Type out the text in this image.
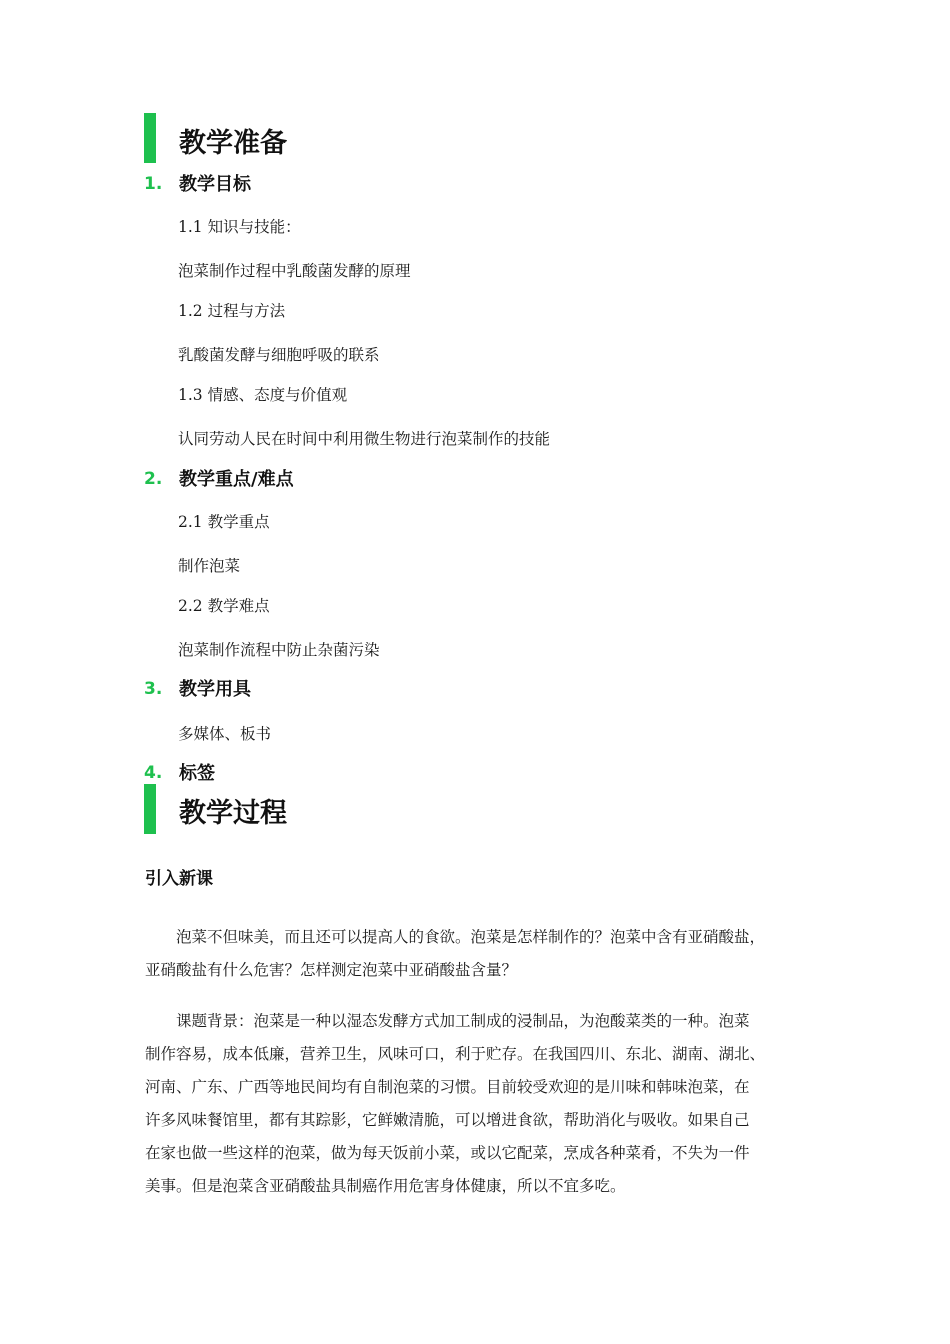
教学准备
1. 教学目标
1.1 知识与技能：
泡菜制作过程中乳酸菌发酵的原理
1.2 过程与方法
乳酸菌发酵与细胞呼吸的联系
1.3 情感、态度与价值观
认同劳动人民在时间中利用微生物进行泡菜制作的技能
2. 教学重点/难点
2.1 教学重点
制作泡菜
2.2 教学难点
泡菜制作流程中防止杂菌污染
3. 教学用具
多媒体、板书
4. 标签
教学过程
引入新课
　　泡菜不但味美，而且还可以提高人的食欲。泡菜是怎样制作的？泡菜中含有亚硝酸盐，
亚硝酸盐有什么危害？怎样测定泡菜中亚硝酸盐含量？
　　课题背景：泡菜是一种以湿态发酵方式加工制成的浸制品，为泡酸菜类的一种。泡菜
制作容易，成本低廉，营养卫生，风味可口，利于贮存。在我国四川、东北、湖南、湖北、
河南、广东、广西等地民间均有自制泡菜的习惯。目前较受欢迎的是川味和韩味泡菜，在
许多风味餐馆里，都有其踪影，它鲜嫩清脆，可以增进食欲，帮助消化与吸收。如果自己
在家也做一些这样的泡菜，做为每天饭前小菜，或以它配菜，烹成各种菜肴，不失为一件
美事。但是泡菜含亚硝酸盐具制癌作用危害身体健康，所以不宜多吃。
